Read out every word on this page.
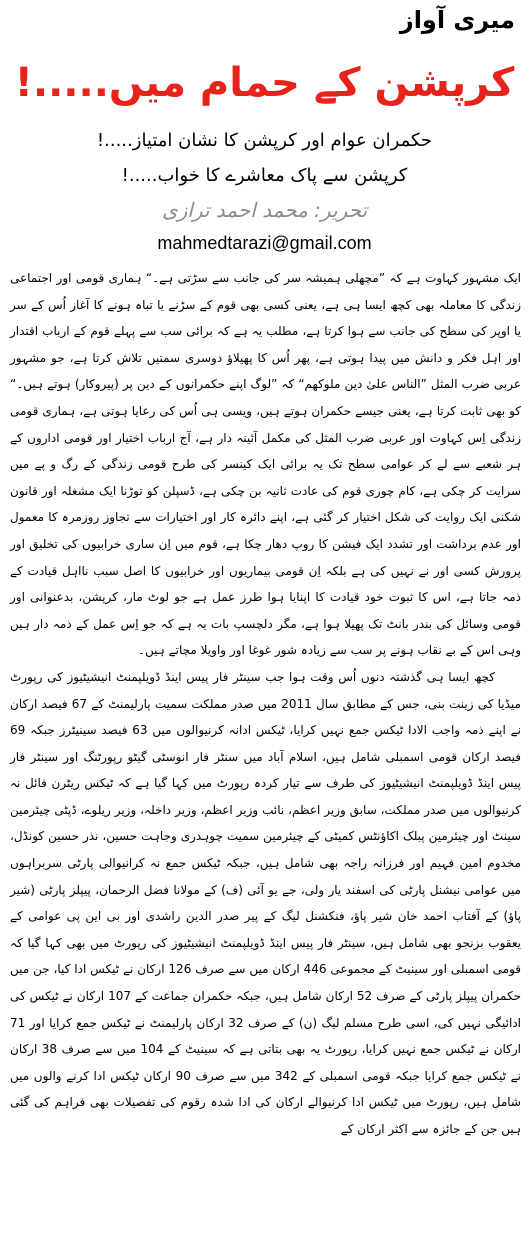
میری آواز
کرپشن کے حمام میں.....!
حکمران عوام اور کرپشن کا نشان امتیاز.....!
کرپشن سے پاک معاشرے کا خواب.....!
تحریر: محمد احمد ترازی
mahmedtarazi@gmail.com

ایک مشہور کہاوت ہے کہ ”مچھلی ہمیشہ سر کی جانب سے سڑتی ہے۔“ ہماری قومی اور اجتماعی زندگی کا معاملہ بھی کچھ ایسا ہی ہے، یعنی کسی بھی قوم کے سڑنے یا تباہ ہونے کا آغاز اُس کے سر یا اوپر کی سطح کی جانب سے ہوا کرتا ہے، مطلب یہ ہے کہ برائی سب سے پہلے قوم کے ارباب اقتدار اور اہل فکر و دانش میں پیدا ہوتی ہے، پھر اُس کا پھیلاؤ دوسری سمتیں تلاش کرتا ہے، جو مشہور عربی ضرب المثل ”الناس علیٰ دین ملوکھم“ کہ ”لوگ اپنے حکمرانوں کے دین پر (پیروکار) ہوتے ہیں۔“ کو بھی ثابت کرتا ہے، یعنی جیسے حکمران ہوتے ہیں، ویسی ہی اُس کی رعایا ہوتی ہے، ہماری قومی زندگی اِس کہاوت اور عربی ضرب المثل کی مکمل آئینہ دار ہے، آج ارباب اختیار اور قومی اداروں کے ہر شعبے سے لے کر عوامی سطح تک یہ برائی ایک کینسر کی طرح قومی زندگی کے رگ و پے میں سرایت کر چکی ہے، کام چوری قوم کی عادت ثانیہ بن چکی ہے، ڈسپلن کو توڑنا ایک مشغلہ اور قانون شکنی ایک روایت کی شکل اختیار کر گئی ہے، اپنے دائرہ کار اور اختیارات سے تجاوز روزمرہ کا معمول اور عدم برداشت اور تشدد ایک فیشن کا روپ دھار چکا ہے، قوم میں اِن ساری خرابیوں کی تخلیق اور پرورش کسی اور نے نہیں کی ہے بلکہ اِن قومی بیماریوں اور خرابیوں کا اصل سبب نااہل قیادت کے ذمہ جاتا ہے، اس کا ثبوت خود قیادت کا اپنایا ہوا طرز عمل ہے جو لوٹ مار، کرپشن، بدعنوانی اور قومی وسائل کی بندر بانٹ تک پھیلا ہوا ہے، مگر دلچسپ بات یہ ہے کہ جو اِس عمل کے ذمہ دار ہیں وہی اس کے بے نقاب ہونے پر سب سے زیادہ شور غوغا اور واویلا مچاتے ہیں۔

کچھ ایسا ہی گذشتہ دنوں اُس وقت ہوا جب سینٹر فار پیس اینڈ ڈویلپمنٹ انیشیٹیوز کی رپورٹ میڈیا کی زینت بنی، جس کے مطابق سال 2011 میں صدر مملکت سمیت پارلیمنٹ کے 67 فیصد ارکان نے اپنے ذمہ واجب الادا ٹیکس جمع نہیں کرایا، ٹیکس ادانہ کرنیوالوں میں 63 فیصد سینیٹرز جبکہ 69 فیصد ارکان قومی اسمبلی شامل ہیں، اسلام آباد میں سنٹر فار انوسٹی گیٹو رپورٹنگ اور سینٹر فار پیس اینڈ ڈویلپمنٹ انیشیٹیوز کی طرف سے تیار کردہ رپورٹ میں کہا گیا ہے کہ ٹیکس ریٹرن فائل نہ کرنیوالوں میں صدر مملکت، سابق وزیر اعظم، نائب وزیر اعظم، وزیر داخلہ، وزیر ریلوے، ڈپٹی چیئرمین سینٹ اور چیئرمین پبلک اکاؤنٹس کمیٹی کے چیئرمین سمیت چوہدری وجاہت حسین، نذر حسین کونڈل، مخدوم امین فہیم اور فرزانہ راجہ بھی شامل ہیں، جبکہ ٹیکس جمع نہ کرانیوالی پارٹی سربراہوں میں عوامی نیشنل پارٹی کی اسفند یار ولی، جے یو آئی (ف) کے مولانا فضل الرحمان، پیپلز پارٹی (شیر پاؤ) کے آفتاب احمد خان شیر پاؤ، فنکشنل لیگ کے پیر صدر الدین راشدی اور بی این پی عوامی کے یعقوب بزنجو بھی شامل ہیں، سینٹر فار پیس اینڈ ڈویلپمنٹ انیشیٹیوز کی رپورٹ میں بھی کہا گیا کہ قومی اسمبلی اور سینیٹ کے مجموعی 446 ارکان میں سے صرف 126 ارکان نے ٹیکس ادا کیا، جن میں حکمران پیپلز پارٹی کے صرف 52 ارکان شامل ہیں، جبکہ حکمران جماعت کے 107 ارکان نے ٹیکس کی ادائیگی نہیں کی، اسی طرح مسلم لیگ (ن) کے صرف 32 ارکان پارلیمنٹ نے ٹیکس جمع کرایا اور 71 ارکان نے ٹیکس جمع نہیں کرایا، رپورٹ یہ بھی بتاتی ہے کہ سینیٹ کے 104 میں سے صرف 38 ارکان نے ٹیکس جمع کرایا جبکہ قومی اسمبلی کے 342 میں سے صرف 90 ارکان ٹیکس ادا کرنے والوں میں شامل ہیں، رپورٹ میں ٹیکس ادا کرنیوالے ارکان کی ادا شدہ رقوم کی تفصیلات بھی فراہم کی گئی ہیں جن کے جائزہ سے اکثر ارکان کے
